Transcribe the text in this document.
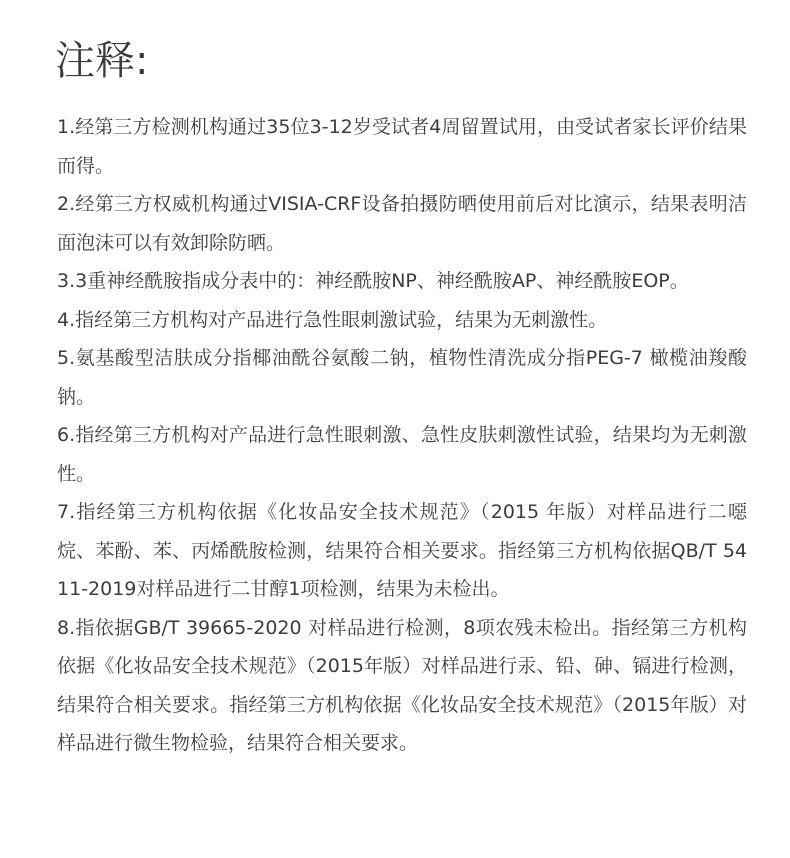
注释:

1.经第三方检测机构通过35位3-12岁受试者4周留置试用，由受试者家长评价结果而得。

2.经第三方权威机构通过VISIA-CRF设备拍摄防晒使用前后对比演示，结果表明洁面泡沫可以有效卸除防晒。

3.3重神经酰胺指成分表中的：神经酰胺NP、神经酰胺AP、神经酰胺EOP。

4.指经第三方机构对产品进行急性眼刺激试验，结果为无刺激性。

5.氨基酸型洁肤成分指椰油酰谷氨酸二钠，植物性清洗成分指PEG-7 橄榄油羧酸钠。

6.指经第三方机构对产品进行急性眼刺激、急性皮肤刺激性试验，结果均为无刺激性。

7.指经第三方机构依据《化妆品安全技术规范》（2015 年版）对样品进行二噁烷、苯酚、苯、丙烯酰胺检测，结果符合相关要求。指经第三方机构依据QB/T 5411-2019对样品进行二甘醇1项检测，结果为未检出。

8.指依据GB/T 39665-2020 对样品进行检测，8项农残未检出。指经第三方机构依据《化妆品安全技术规范》（2015年版）对样品进行汞、铅、砷、镉进行检测，结果符合相关要求。指经第三方机构依据《化妆品安全技术规范》（2015年版）对样品进行微生物检验，结果符合相关要求。
